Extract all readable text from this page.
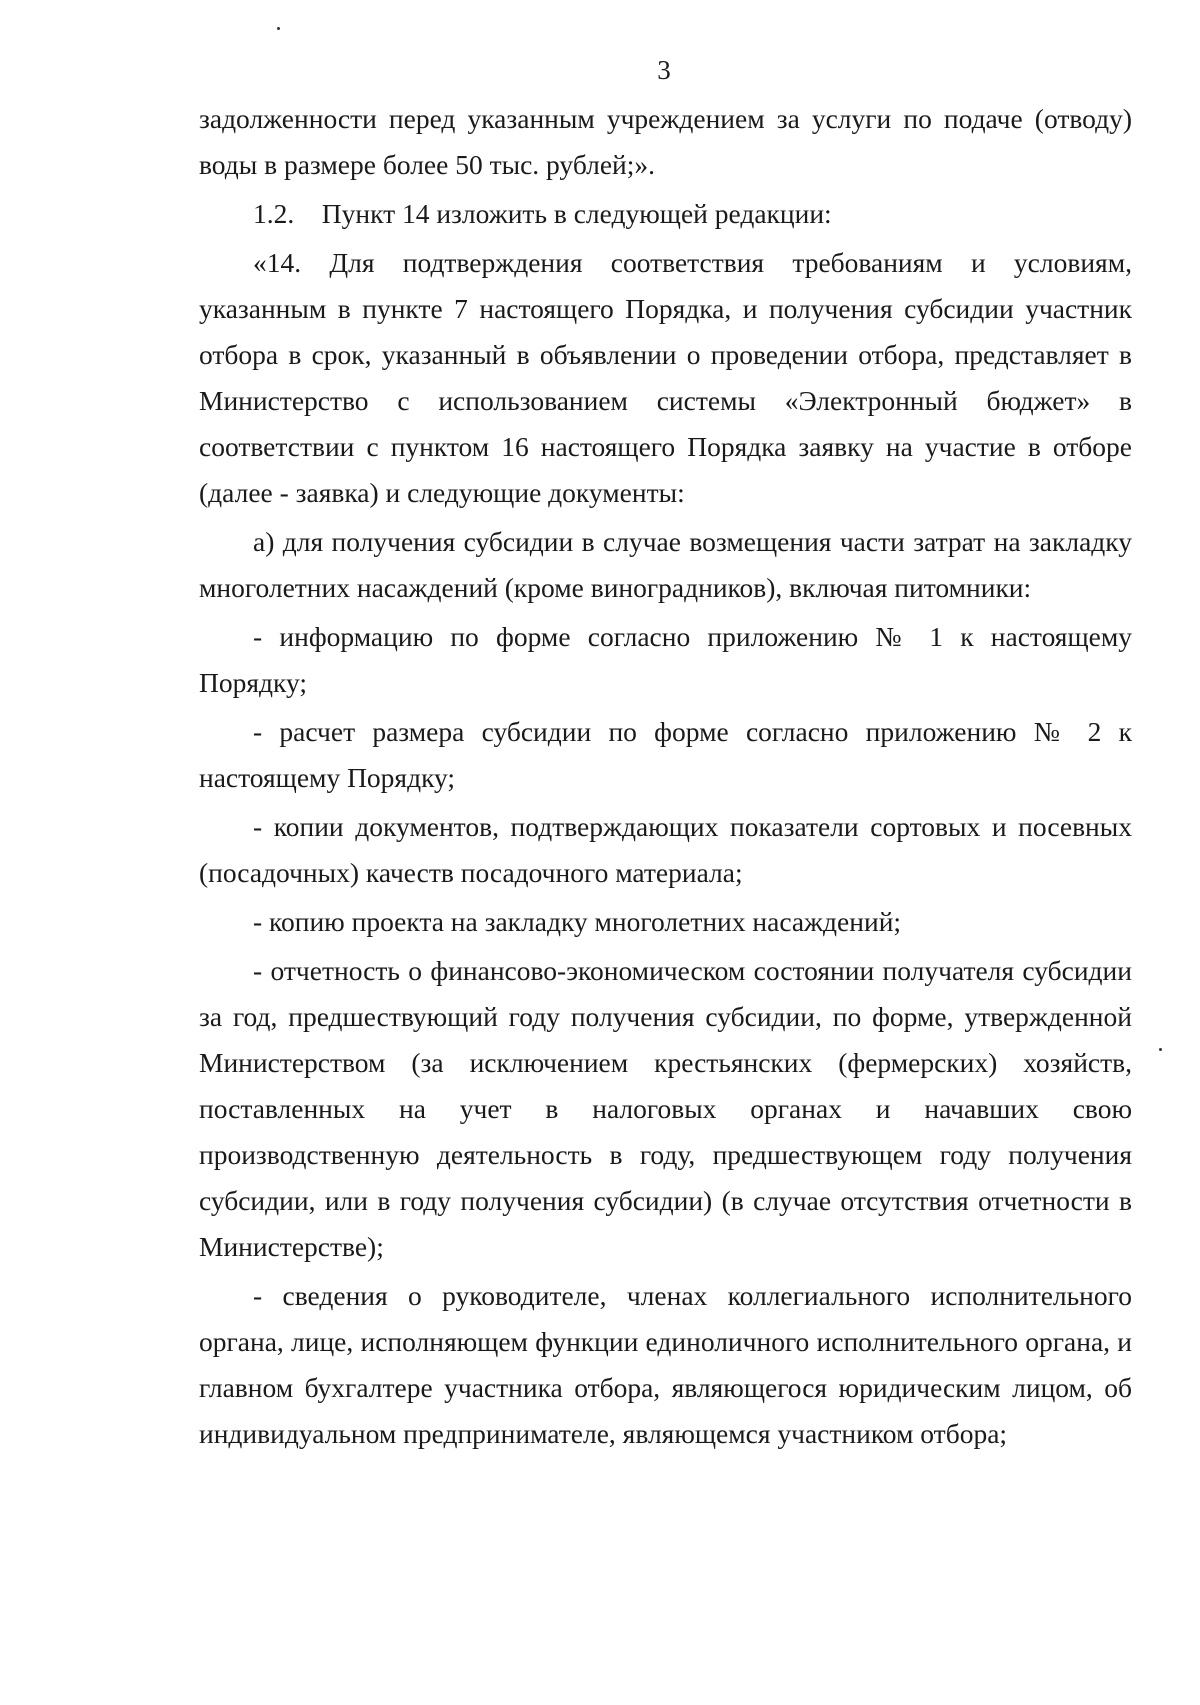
3

задолженности перед указанным учреждением за услуги по подаче (отводу) воды в размере более 50 тыс. рублей;».

1.2.    Пункт 14 изложить в следующей редакции:

«14. Для подтверждения соответствия требованиям и условиям, указанным в пункте 7 настоящего Порядка, и получения субсидии участник отбора в срок, указанный в объявлении о проведении отбора, представляет в Министерство с использованием системы «Электронный бюджет» в соответствии с пунктом 16 настоящего Порядка заявку на участие в отборе (далее - заявка) и следующие документы:

а) для получения субсидии в случае возмещения части затрат на закладку многолетних насаждений (кроме виноградников), включая питомники:

- информацию по форме согласно приложению № 1 к настоящему Порядку;

- расчет размера субсидии по форме согласно приложению № 2 к настоящему Порядку;

- копии документов, подтверждающих показатели сортовых и посевных (посадочных) качеств посадочного материала;

- копию проекта на закладку многолетних насаждений;

- отчетность о финансово-экономическом состоянии получателя субсидии за год, предшествующий году получения субсидии, по форме, утвержденной Министерством (за исключением крестьянских (фермерских) хозяйств, поставленных на учет в налоговых органах и начавших свою производственную деятельность в году, предшествующем году получения субсидии, или в году получения субсидии) (в случае отсутствия отчетности в Министерстве);

- сведения о руководителе, членах коллегиального исполнительного органа, лице, исполняющем функции единоличного исполнительного органа, и главном бухгалтере участника отбора, являющегося юридическим лицом, об индивидуальном предпринимателе, являющемся участником отбора;
